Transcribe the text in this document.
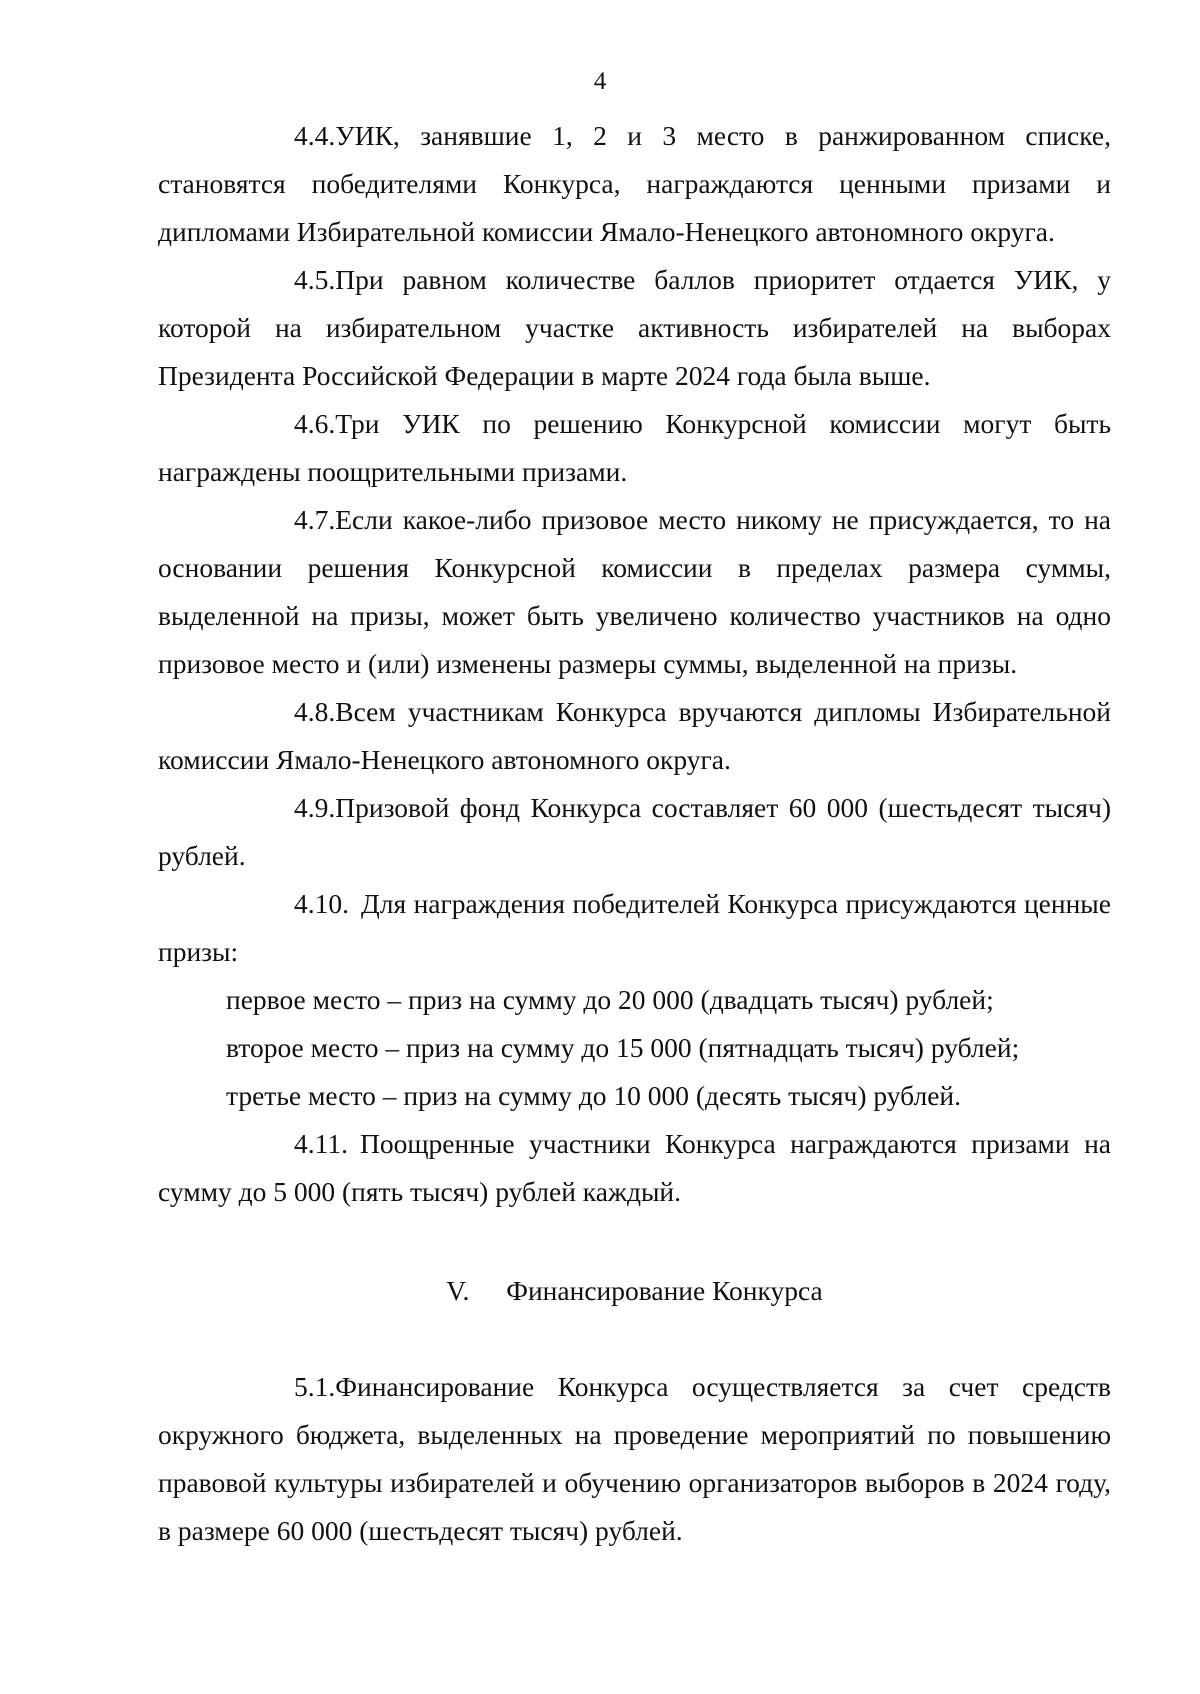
4

4.4.УИК, занявшие 1, 2 и 3 место в ранжированном списке, становятся победителями Конкурса, награждаются ценными призами и дипломами Избирательной комиссии Ямало-Ненецкого автономного округа.

4.5.При равном количестве баллов приоритет отдается УИК, у которой на избирательном участке активность избирателей на выборах Президента Российской Федерации в марте 2024 года была выше.

4.6.Три УИК по решению Конкурсной комиссии могут быть награждены поощрительными призами.

4.7.Если какое-либо призовое место никому не присуждается, то на основании решения Конкурсной комиссии в пределах размера суммы, выделенной на призы, может быть увеличено количество участников на одно призовое место и (или) изменены размеры суммы, выделенной на призы.

4.8.Всем участникам Конкурса вручаются дипломы Избирательной комиссии Ямало-Ненецкого автономного округа.

4.9.Призовой фонд Конкурса составляет 60 000 (шестьдесят тысяч) рублей.

4.10. Для награждения победителей Конкурса присуждаются ценные призы:

первое место – приз на сумму до 20 000 (двадцать тысяч) рублей;

второе место – приз на сумму до 15 000 (пятнадцать тысяч) рублей;

третье место – приз на сумму до 10 000 (десять тысяч) рублей.

4.11. Поощренные участники Конкурса награждаются призами на сумму до 5 000 (пять тысяч) рублей каждый.

V. Финансирование Конкурса

5.1.Финансирование Конкурса осуществляется за счет средств окружного бюджета, выделенных на проведение мероприятий по повышению правовой культуры избирателей и обучению организаторов выборов в 2024 году, в размере 60 000 (шестьдесят тысяч) рублей.
